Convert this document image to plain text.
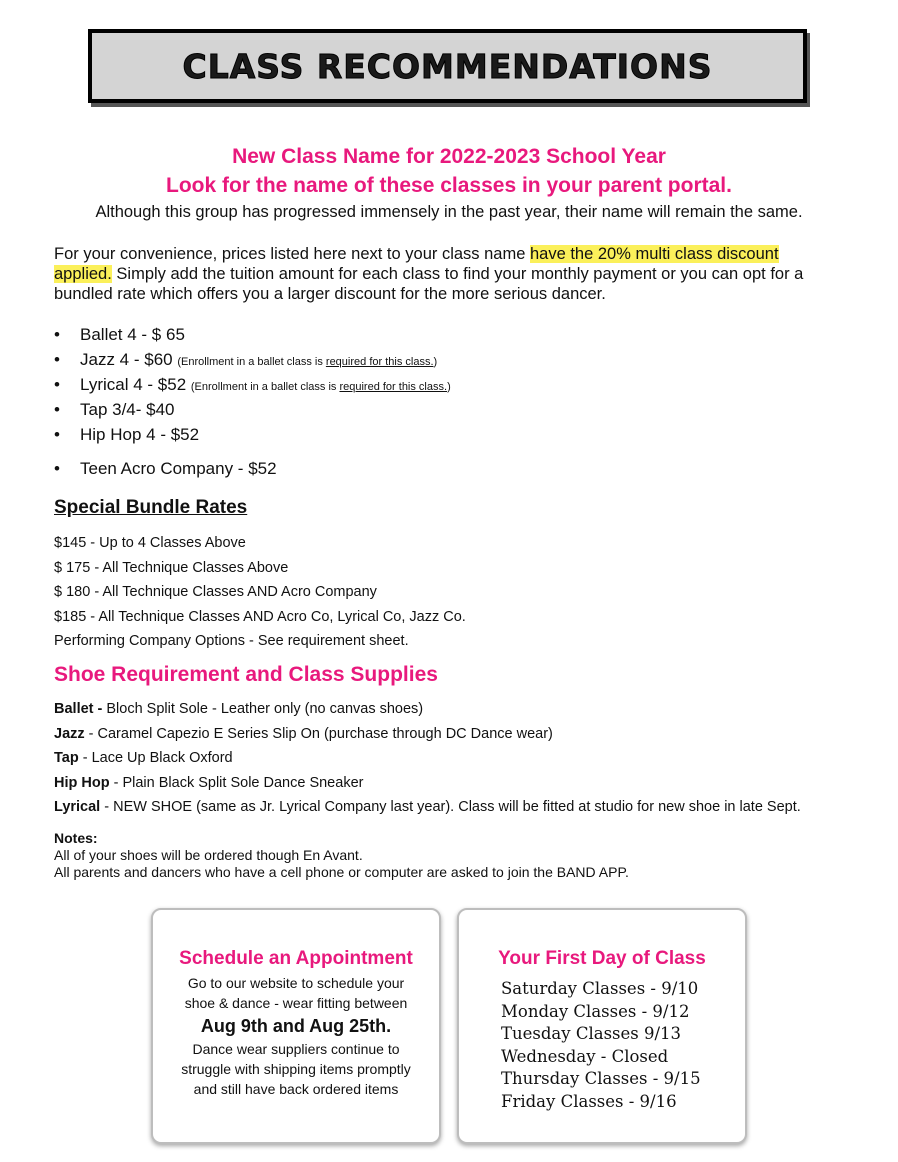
CLASS RECOMMENDATIONS
New Class Name for 2022-2023 School Year
Look for the name of these classes in your parent portal.
Although this group has progressed immensely in the past year, their name will remain the same.
For your convenience, prices listed here next to your class name have the 20% multi class discount
applied. Simply add the tuition amount for each class to find your monthly payment or you can opt for a
bundled rate which offers you a larger discount for the more serious dancer.
• Ballet 4 - $ 65
• Jazz 4 - $60 (Enrollment in a ballet class is required for this class.)
• Lyrical 4 - $52 (Enrollment in a ballet class is required for this class.)
• Tap 3/4- $40
• Hip Hop 4 - $52
• Teen Acro Company - $52
Special Bundle Rates
$145 - Up to 4 Classes Above
$ 175 - All Technique Classes Above
$ 180 - All Technique Classes AND Acro Company
$185 - All Technique Classes AND Acro Co, Lyrical Co, Jazz Co.
Performing Company Options - See requirement sheet.
Shoe Requirement and Class Supplies
Ballet - Bloch Split Sole - Leather only (no canvas shoes)
Jazz - Caramel Capezio E Series Slip On (purchase through DC Dance wear)
Tap - Lace Up Black Oxford
Hip Hop - Plain Black Split Sole Dance Sneaker
Lyrical - NEW SHOE (same as Jr. Lyrical Company last year). Class will be fitted at studio for new shoe in late Sept.
Notes:
All of your shoes will be ordered though En Avant.
All parents and dancers who have a cell phone or computer are asked to join the BAND APP.
Schedule an Appointment
Go to our website to schedule your
shoe & dance - wear fitting between
Aug 9th and Aug 25th.
Dance wear suppliers continue to
struggle with shipping items promptly
and still have back ordered items
Your First Day of Class
Saturday Classes - 9/10
Monday Classes - 9/12
Tuesday Classes 9/13
Wednesday - Closed
Thursday Classes - 9/15
Friday Classes - 9/16
